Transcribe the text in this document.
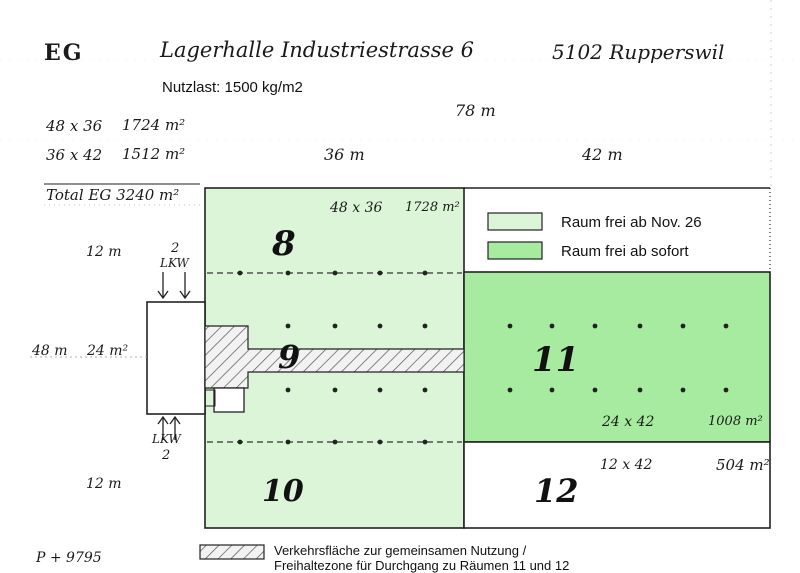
EG	Lagerhalle Industriestrasse 6	5102 Rupperswil
Nutzlast: 1500 kg/m2
48 x 36 1724 m²
36 x 42 1512 m²
Total EG 3240 m²
78 m
36 m	42 m
12 m
12 m
48 m 24 m²
2
LKW
LKW
2
P + 9795
48 x 36 1728 m²
8
9
10
11
24 x 42	1008 m²
12 x 42	504 m²
12
Raum frei ab Nov. 26
Raum frei ab sofort
Verkehrsfläche zur gemeinsamen Nutzung /
Freihaltezone für Durchgang zu Räumen 11 und 12
